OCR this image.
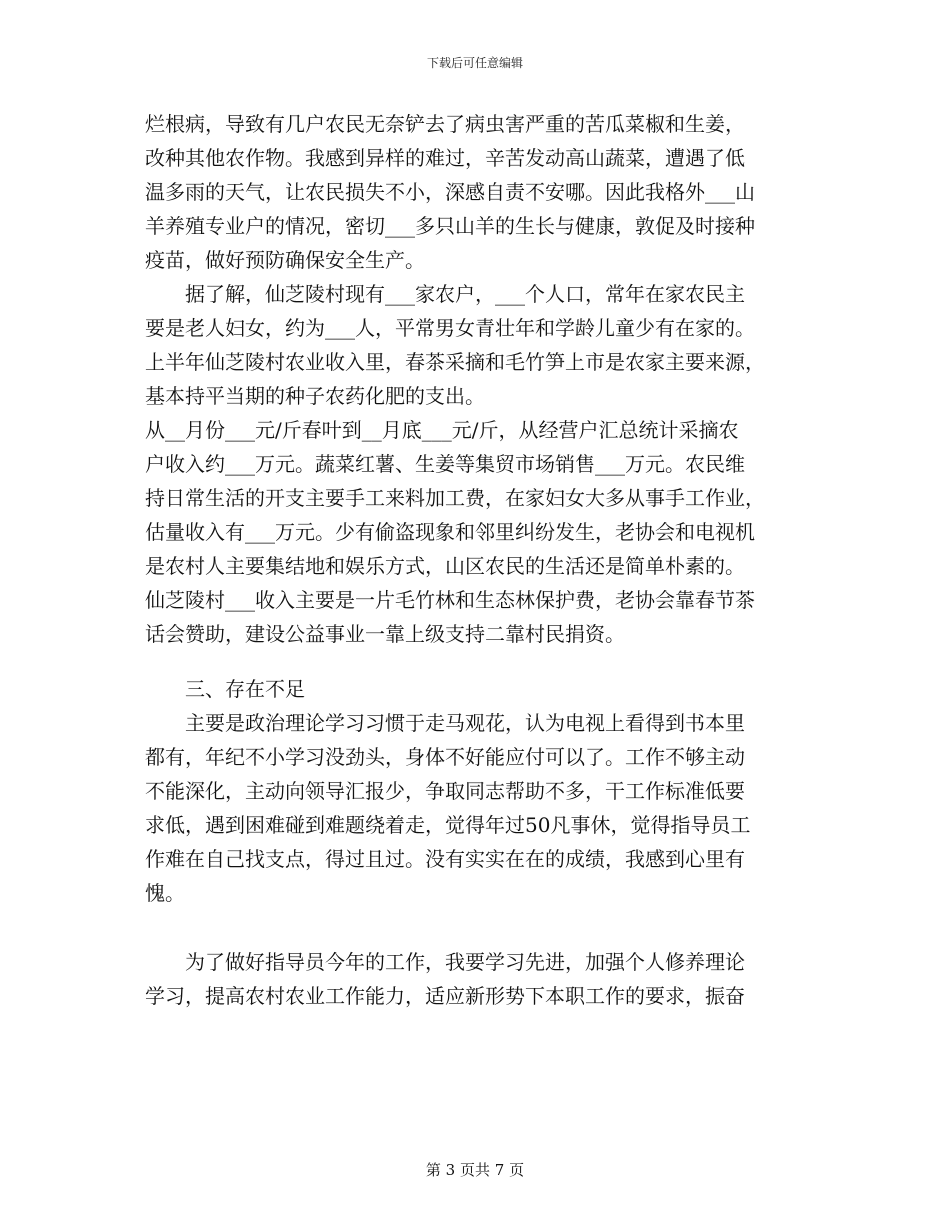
下载后可任意编辑
烂根病，导致有几户农民无奈铲去了病虫害严重的苦瓜菜椒和生姜，
改种其他农作物。我感到异样的难过，辛苦发动高山蔬菜，遭遇了低
温多雨的天气，让农民损失不小，深感自责不安哪。因此我格外___山
羊养殖专业户的情况，密切___多只山羊的生长与健康，敦促及时接种
疫苗，做好预防确保安全生产。
据了解，仙芝陵村现有___家农户，___个人口，常年在家农民主
要是老人妇女，约为___人，平常男女青壮年和学龄儿童少有在家的。
上半年仙芝陵村农业收入里，春茶采摘和毛竹笋上市是农家主要来源，
基本持平当期的种子农药化肥的支出。
从__月份___元/斤春叶到__月底___元/斤，从经营户汇总统计采摘农
户收入约___万元。蔬菜红薯、生姜等集贸市场销售___万元。农民维
持日常生活的开支主要手工来料加工费，在家妇女大多从事手工作业，
估量收入有___万元。少有偷盗现象和邻里纠纷发生，老协会和电视机
是农村人主要集结地和娱乐方式，山区农民的生活还是简单朴素的。
仙芝陵村___收入主要是一片毛竹林和生态林保护费，老协会靠春节茶
话会赞助，建设公益事业一靠上级支持二靠村民捐资。
三、存在不足
主要是政治理论学习习惯于走马观花，认为电视上看得到书本里
都有，年纪不小学习没劲头，身体不好能应付可以了。工作不够主动
不能深化，主动向领导汇报少，争取同志帮助不多，干工作标准低要
求低，遇到困难碰到难题绕着走，觉得年过50凡事休，觉得指导员工
作难在自己找支点，得过且过。没有实实在在的成绩，我感到心里有
愧。
为了做好指导员今年的工作，我要学习先进，加强个人修养理论
学习，提高农村农业工作能力，适应新形势下本职工作的要求，振奋
第 3 页共 7 页
